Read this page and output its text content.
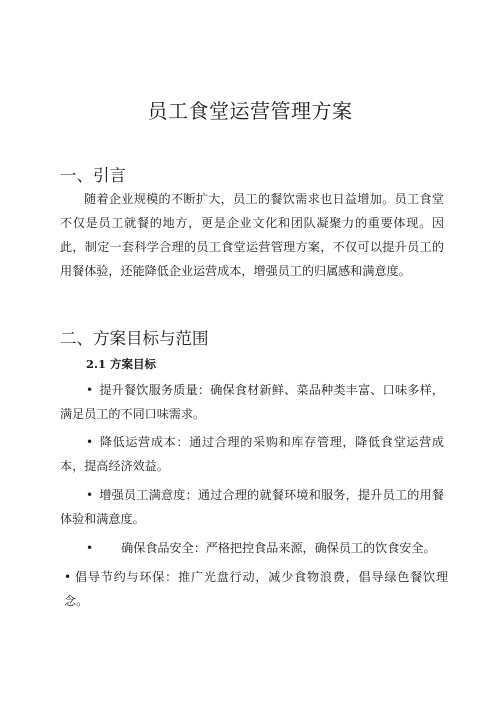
员工食堂运营管理方案
一、引言

随着企业规模的不断扩大，员工的餐饮需求也日益增加。员工食堂不仅是员工就餐的地方，更是企业文化和团队凝聚力的重要体现。因此，制定一套科学合理的员工食堂运营管理方案，不仅可以提升员工的用餐体验，还能降低企业运营成本，增强员工的归属感和满意度。

二、方案目标与范围
2.1 方案目标

• 提升餐饮服务质量：确保食材新鲜、菜品种类丰富、口味多样，满足员工的不同口味需求。

• 降低运营成本：通过合理的采购和库存管理，降低食堂运营成本，提高经济效益。

• 增强员工满意度：通过合理的就餐环境和服务，提升员工的用餐体验和满意度。

• 确保食品安全：严格把控食品来源，确保员工的饮食安全。

• 倡导节约与环保：推广光盘行动，减少食物浪费，倡导绿色餐饮理念。
